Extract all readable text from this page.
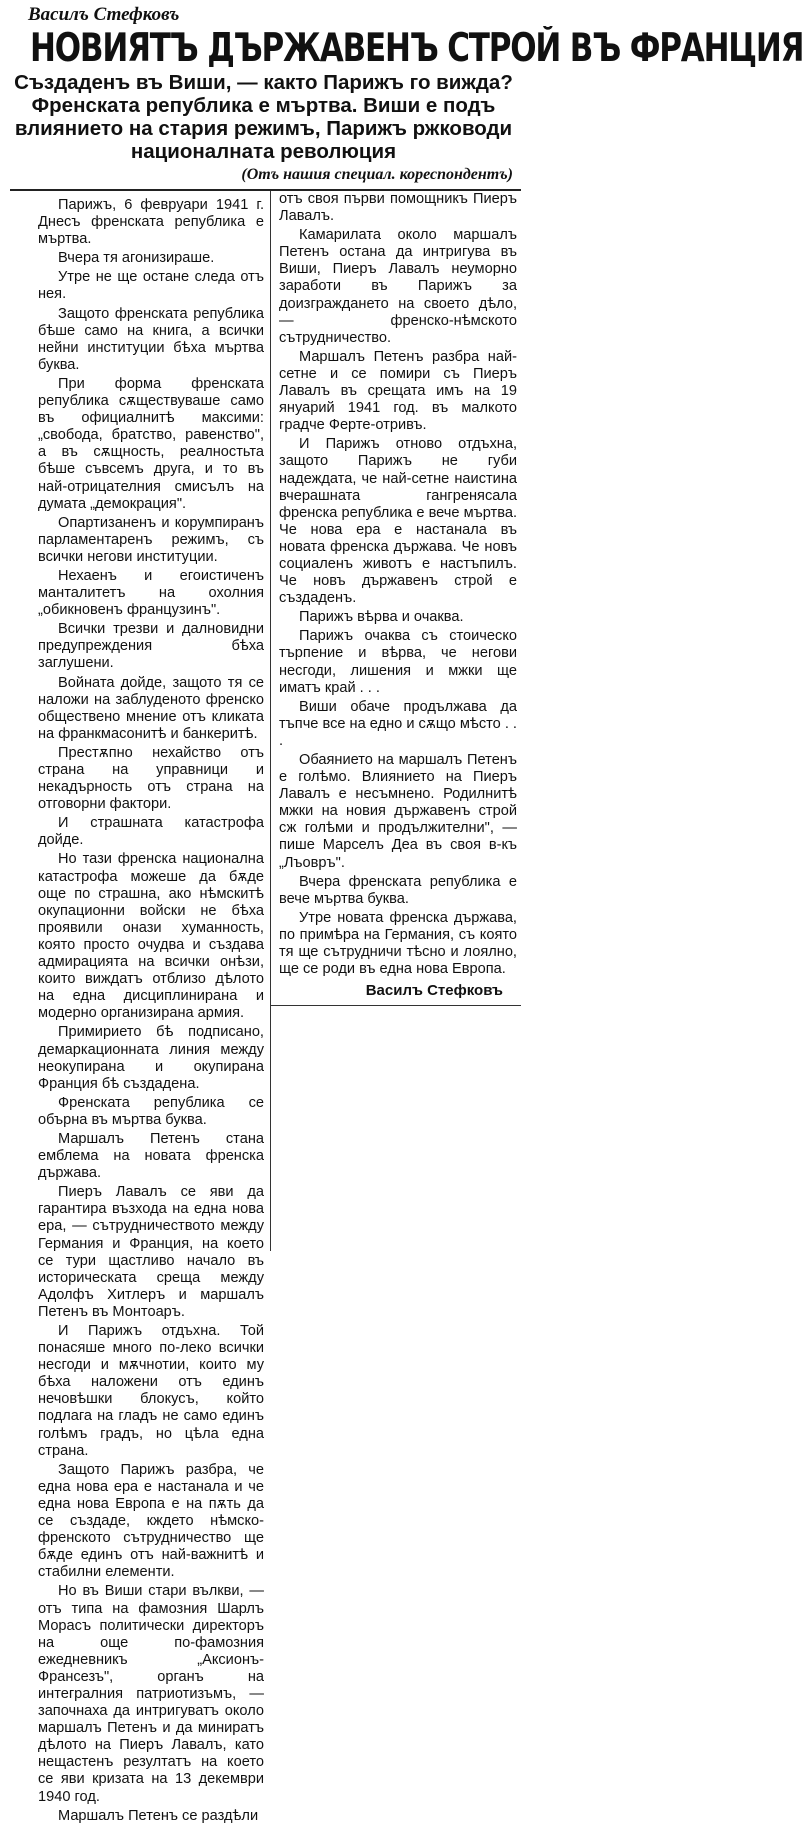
Василъ Стефковъ
НОВИЯТЪ ДЪРЖАВЕНЪ СТРОЙ ВЪ ФРАНЦИЯ
Създаденъ въ Виши, — както Парижъ го вижда? Френската република е мъртва. Виши е подъ влиянието на стария режимъ, Парижъ ржководи националната революция
(Отъ нашия специал. кореспондентъ)

Парижъ, 6 февруари 1941 г. Днесъ френската република е мъртва.

Вчера тя агонизираше.

Утре не ще остане следа отъ нея.

Защото френската република бѣше само на книга, а всички нейни институции бѣха мъртва буква.

При форма френската република сѫществуваше само въ официалнитѣ максими: „свобода, братство, равенство", а въ сѫщность, реалностьта бѣше съвсемъ друга, и то въ най-отрицателния смисълъ на думата „демокрация".

Опартизаненъ и корумпиранъ парламентаренъ режимъ, съ всички негови институции.

Нехаенъ и егоистиченъ манталитетъ на охолния „обикновенъ французинъ".

Всички трезви и далновидни предупреждения бѣха заглушени.

Войната дойде, защото тя се наложи на заблуденото френско обществено мнение отъ кликата на франкмасонитѣ и банкеритѣ.

Престѫпно нехайство отъ страна на управници и некадърность отъ страна на отговорни фактори.

И страшната катастрофа дойде.

Но тази френска национална катастрофа можеше да бѫде още по страшна, ако нѣмскитѣ окупационни войски не бѣха проявили онази хуманность, която просто очудва и създава адмирацията на всички онѣзи, които виждатъ отблизо дѣлото на една дисциплинирана и модерно организирана армия.

Примирието бѣ подписано, демаркационната линия между неокупирана и окупирана Франция бѣ създадена.

Френската република се обърна въ мъртва буква.

Маршалъ Петенъ стана емблема на новата френска държава.

Пиеръ Лавалъ се яви да гарантира възхода на една нова ера, — сътрудничеството между Германия и Франция, на което се тури щастливо начало въ историческата среща между Адолфъ Хитлеръ и маршалъ Петенъ въ Монтоаръ.

И Парижъ отдъхна. Той понасяше много по-леко всички несгоди и мѫчнотии, които му бѣха наложени отъ единъ нечовѣшки блокусъ, който подлага на гладъ не само единъ голѣмъ градъ, но цѣла една страна.

Защото Парижъ разбра, че една нова ера е настанала и че една нова Европа е на пѫть да се създаде, кждето нѣмско-френското сътрудничество ще бѫде единъ отъ най-важнитѣ и стабилни елементи.

Но въ Виши стари вълкви, — отъ типа на фамозния Шарлъ Морасъ политически директоръ на още по-фамозния ежедневникъ „Аксионъ-Франсезъ", органъ на интегралния патриотизъмъ, — започнаха да интригуватъ около маршалъ Петенъ и да миниратъ дѣлото на Пиеръ Лавалъ, като нещастенъ резултатъ на което се яви кризата на 13 декември 1940 год.

Маршалъ Петенъ се раздѣли

отъ своя първи помощникъ Пиеръ Лавалъ.

Камарилата около маршалъ Петенъ остана да интригува въ Виши, Пиеръ Лавалъ неуморно заработи въ Парижъ за доизграждането на своето дѣло, — френско-нѣмското сътрудничество.

Маршалъ Петенъ разбра най-сетне и се помири съ Пиеръ Лавалъ въ срещата имъ на 19 януарий 1941 год. въ малкото градче Ферте-отривъ.

И Парижъ отново отдъхна, защото Парижъ не губи надеждата, че най-сетне наистина вчерашната гангренясала френска република е вече мъртва. Че нова ера е настанала въ новата френска държава. Че новъ социаленъ животъ е настъпилъ. Че новъ държавенъ строй е създаденъ.

Парижъ вѣрва и очаква.

Парижъ очаква съ стоическо търпение и вѣрва, че негови несгоди, лишения и мжки ще иматъ край . . .

Виши обаче продължава да тъпче все на едно и сѫщо мѣсто . . .

Обаянието на маршалъ Петенъ е голѣмо. Влиянието на Пиеръ Лавалъ е несъмнено. Родилнитѣ мжки на новия държавенъ строй сж голѣми и продължителни", — пише Марселъ Деа въ своя в-къ „Лъовръ".

Вчера френската република е вече мъртва буква.

Утре новата френска държава, по примѣра на Германия, съ която тя ще сътрудничи тѣсно и лоялно, ще се роди въ една нова Европа.

Василъ Стефковъ
